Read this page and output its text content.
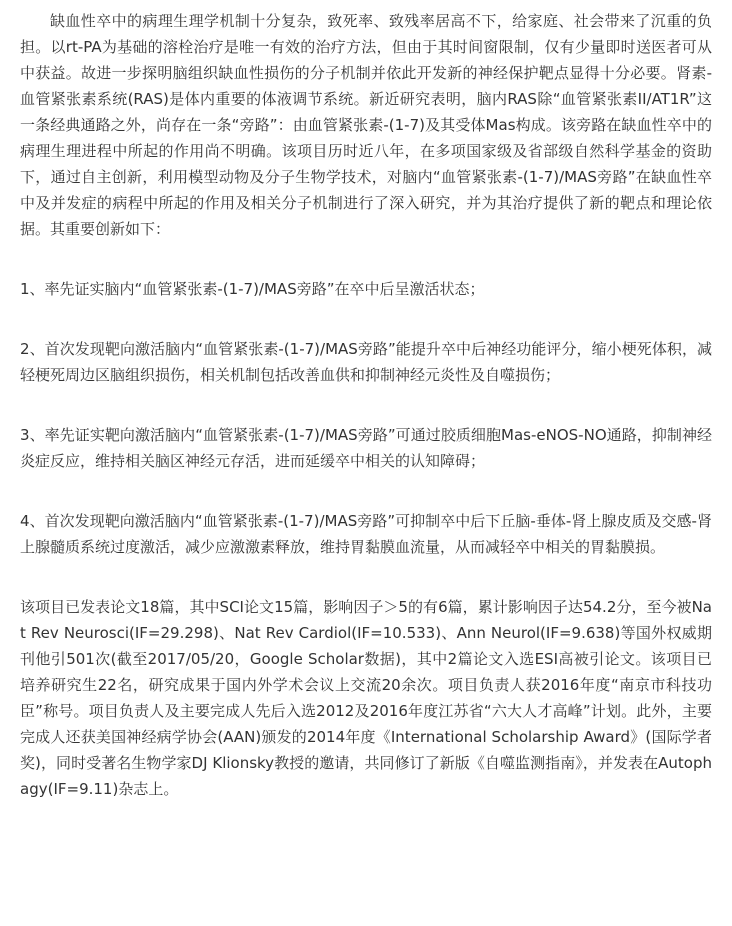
缺血性卒中的病理生理学机制十分复杂，致死率、致残率居高不下，给家庭、社会带来了沉重的负担。以rt-PA为基础的溶栓治疗是唯一有效的治疗方法，但由于其时间窗限制，仅有少量即时送医者可从中获益。故进一步探明脑组织缺血性损伤的分子机制并依此开发新的神经保护靶点显得十分必要。肾素-血管紧张素系统(RAS)是体内重要的体液调节系统。新近研究表明，脑内RAS除“血管紧张素II/AT1R”这一条经典通路之外，尚存在一条“旁路”：由血管紧张素-(1-7)及其受体Mas构成。该旁路在缺血性卒中的病理生理进程中所起的作用尚不明确。该项目历时近八年，在多项国家级及省部级自然科学基金的资助下，通过自主创新，利用模型动物及分子生物学技术，对脑内“血管紧张素-(1-7)/MAS旁路”在缺血性卒中及并发症的病程中所起的作用及相关分子机制进行了深入研究，并为其治疗提供了新的靶点和理论依据。其重要创新如下：

1、率先证实脑内“血管紧张素-(1-7)/MAS旁路”在卒中后呈激活状态；

2、首次发现靶向激活脑内“血管紧张素-(1-7)/MAS旁路”能提升卒中后神经功能评分，缩小梗死体积，减轻梗死周边区脑组织损伤，相关机制包括改善血供和抑制神经元炎性及自噬损伤；

3、率先证实靶向激活脑内“血管紧张素-(1-7)/MAS旁路”可通过胶质细胞Mas-eNOS-NO通路，抑制神经炎症反应，维持相关脑区神经元存活，进而延缓卒中相关的认知障碍；

4、首次发现靶向激活脑内“血管紧张素-(1-7)/MAS旁路”可抑制卒中后下丘脑-垂体-肾上腺皮质及交感-肾上腺髓质系统过度激活，减少应激激素释放，维持胃黏膜血流量，从而减轻卒中相关的胃黏膜损。

该项目已发表论文18篇，其中SCI论文15篇，影响因子＞5的有6篇，累计影响因子达54.2分，至今被Nat Rev Neurosci(IF=29.298)、Nat Rev Cardiol(IF=10.533)、Ann Neurol(IF=9.638)等国外权威期刊他引501次(截至2017/05/20，Google Scholar数据)，其中2篇论文入选ESI高被引论文。该项目已培养研究生22名，研究成果于国内外学术会议上交流20余次。项目负责人获2016年度“南京市科技功臣”称号。项目负责人及主要完成人先后入选2012及2016年度江苏省“六大人才高峰”计划。此外，主要完成人还获美国神经病学协会(AAN)颁发的2014年度《International Scholarship Award》(国际学者奖)，同时受著名生物学家DJ Klionsky教授的邀请，共同修订了新版《自噬监测指南》，并发表在Autophagy(IF=9.11)杂志上。
